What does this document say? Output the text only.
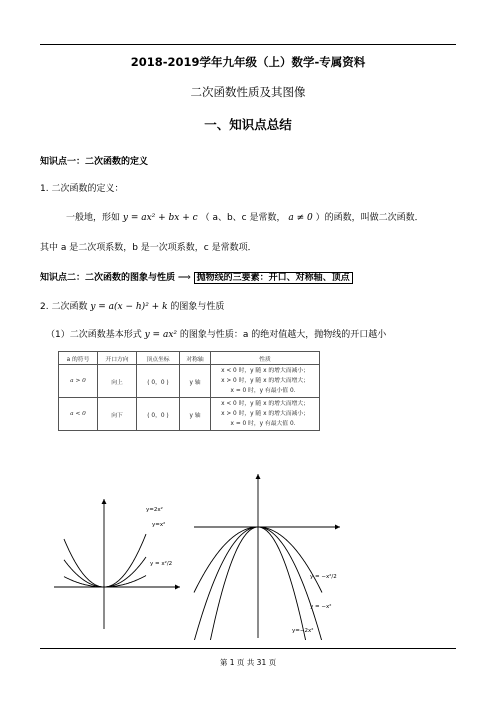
2018-2019学年九年级（上）数学-专属资料
二次函数性质及其图像
一、知识点总结
知识点一：二次函数的定义
1. 二次函数的定义：
一般地，形如 y = ax² + bx + c （ a、b、c 是常数， a ≠ 0 ）的函数，叫做二次函数．
其中 a 是二次项系数，b 是一次项系数，c 是常数项．
知识点二：二次函数的图象与性质 ⟹ 抛物线的三要素：开口、对称轴、顶点
2. 二次函数 y = a(x − h)² + k 的图象与性质
（1）二次函数基本形式 y = ax² 的图象与性质：a 的绝对值越大，抛物线的开口越小
a 的符号	开口方向	顶点坐标	对称轴	性质
a > 0	向上	( 0，0 )	y 轴	x < 0 时，y 随 x 的增大而减小；
x > 0 时，y 随 x 的增大而增大；
x = 0 时，y 有最小值 0．

a < 0	向下	( 0，0 )	y 轴	x < 0 时，y 随 x 的增大而增大；
x > 0 时，y 随 x 的增大而减小；
x = 0 时，y 有最大值 0．
y=2x²
y=x²
y = x²/2
y = −x²/2
y = −x²
y=−2x²
第 1 页 共 31 页
